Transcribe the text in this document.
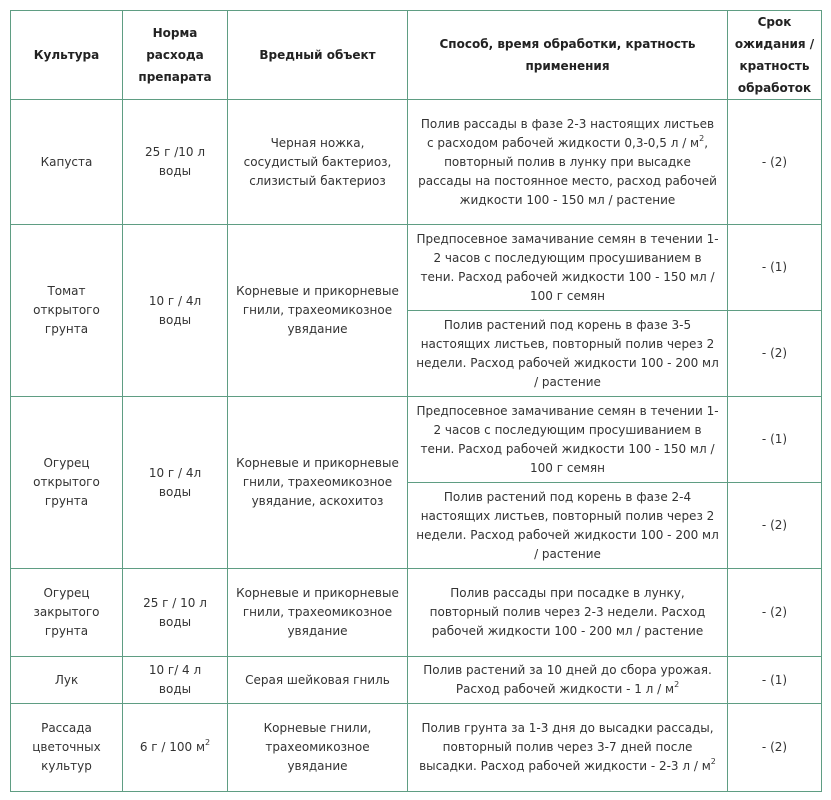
Культура	Норма расхода препарата	Вредный объект	Способ, время обработки, кратность применения	Срок ожидания / кратность обработок
Капуста	25 г /10 л воды	Черная ножка, сосудистый бактериоз, слизистый бактериоз	Полив рассады в фазе 2-3 настоящих листьев с расходом рабочей жидкости 0,3-0,5 л / $м^2$, повторный полив в лунку при высадке рассады на постоянное место, расход рабочей жидкости 100 - 150 мл / растение	- (2)
Томат открытого грунта	10 г / 4л воды	Корневые и прикорневые гнили, трахеомикозное увядание	Предпосевное замачивание семян в течении 1-2 часов с последующим просушиванием в тени. Расход рабочей жидкости 100 - 150 мл / 100 г семян	- (1)
			Полив растений под корень в фазе 3-5 настоящих листьев, повторный полив через 2 недели. Расход рабочей жидкости 100 - 200 мл / растение	- (2)
Огурец открытого грунта	10 г / 4л воды	Корневые и прикорневые гнили, трахеомикозное увядание, аскохитоз	Предпосевное замачивание семян в течении 1-2 часов с последующим просушиванием в тени. Расход рабочей жидкости 100 - 150 мл / 100 г семян	- (1)
			Полив растений под корень в фазе 2-4 настоящих листьев, повторный полив через 2 недели. Расход рабочей жидкости 100 - 200 мл / растение	- (2)
Огурец закрытого грунта	25 г / 10 л воды	Корневые и прикорневые гнили, трахеомикозное увядание	Полив рассады при посадке в лунку, повторный полив через 2-3 недели. Расход рабочей жидкости 100 - 200 мл / растение	- (2)
Лук	10 г/ 4 л воды	Серая шейковая гниль	Полив растений за 10 дней до сбора урожая. Расход рабочей жидкости - 1 л / $м^2$	- (1)
Рассада цветочных культур	6 г / 100 $м^2$	Корневые гнили, трахеомикозное увядание	Полив грунта за 1-3 дня до высадки рассады, повторный полив через 3-7 дней после высадки. Расход рабочей жидкости - 2-3 л / $м^2$	- (2)
